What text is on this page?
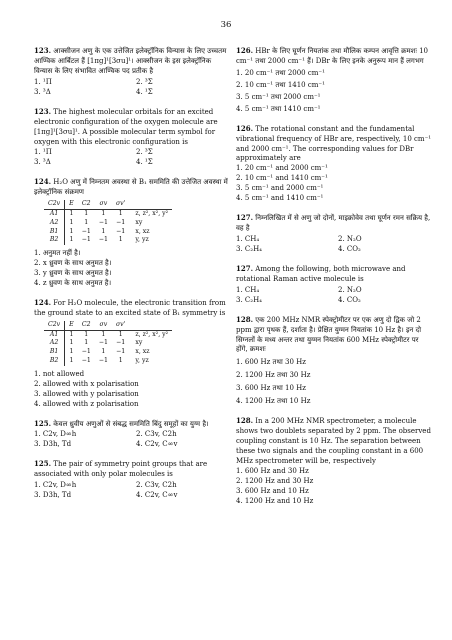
36
123. आक्सीजन अणु के एक उत्तेजित इलेक्ट्रॉनिक विन्यास के लिए उच्चतम आण्विक आर्बिटल हैं [1πg]¹[3σu]¹। आक्सीजन के इस इलेक्ट्रॉनिक विन्यास के लिए संभावित आण्विक पद प्रतीक है
1. ¹Π	2. ³Σ
3. ³Δ	4. ¹Σ
123. The highest molecular orbitals for an excited electronic configuration of the oxygen molecule are [1πg]¹[3σu]¹. A possible molecular term symbol for oxygen with this electronic configuration is
1. ¹Π	2. ³Σ
3. ³Δ	4. ¹Σ
124. H₂O अणु में निम्नतम अवस्था से B₁ सममिति की उत्तेजित अवस्था में इलेक्ट्रॉनिक संक्रमण
C2v	E	C2	σv	σv'	
A1	1	1	1	1	z, z², x², y²
A2	1	1	−1	−1	xy
B1	1	−1	1	−1	x, xz
B2	1	−1	−1	1	y, yz
1. अनुमत नहीं है।
2. x ध्रुवण के साथ अनुमत है।
3. y ध्रुवण के साथ अनुमत है।
4. z ध्रुवण के साथ अनुमत है।
124. For H₂O molecule, the electronic transition from the ground state to an excited state of B₁ symmetry is
C2v	E	C2	σv	σv'	
A1	1	1	1	1	z, z², x², y²
A2	1	1	−1	−1	xy
B1	1	−1	1	−1	x, xz
B2	1	−1	−1	1	y, yz
1. not allowed
2. allowed with x polarisation
3. allowed with y polarisation
4. allowed with z polarisation
125. केवल ध्रुवीय अणुओं से संबद्ध सममिति बिंदु समूहों का युग्म है।
1. C2v, D∞h	2. C3v, C2h
3. D3h, Td	4. C2v, C∞v
125. The pair of symmetry point groups that are associated with only polar molecules is
1. C2v, D∞h	2. C3v, C2h
3. D3h, Td	4. C2v, C∞v
126. HBr के लिए घूर्णन नियतांक तथा मौलिक कम्पन आवृत्ति क्रमशः 10 cm⁻¹ तथा 2000 cm⁻¹ हैं। DBr के लिए इनके अनुरूप मान हैं लगभग
1. 20 cm⁻¹ तथा 2000 cm⁻¹
2. 10 cm⁻¹ तथा 1410 cm⁻¹
3. 5 cm⁻¹ तथा 2000 cm⁻¹
4. 5 cm⁻¹ तथा 1410 cm⁻¹
126. The rotational constant and the fundamental vibrational frequency of HBr are, respectively, 10 cm⁻¹ and 2000 cm⁻¹. The corresponding values for DBr approximately are
1. 20 cm⁻¹ and 2000 cm⁻¹
2. 10 cm⁻¹ and 1410 cm⁻¹
3. 5 cm⁻¹ and 2000 cm⁻¹
4. 5 cm⁻¹ and 1410 cm⁻¹
127. निम्नलिखित में से अणु जो दोनों, माइक्रोवेव तथा घूर्णन रमन सक्रिय है, वह है
1. CH₄	2. N₂O
3. C₂H₄	4. CO₂
127. Among the following, both microwave and rotational Raman active molecule is
1. CH₄	2. N₂O
3. C₂H₄	4. CO₂
128. एक 200 MHz NMR स्पेक्ट्रोमीटर पर एक अणु दो द्विक जो 2 ppm द्वारा पृथक हैं, दर्शाता है। प्रेक्षित युग्मन नियतांक 10 Hz है। इन दो सिग्नलों के मध्य अन्तर तथा युग्मन नियतांक 600 MHz स्पेक्ट्रोमीटर पर होंगे, क्रमशः
1. 600 Hz तथा 30 Hz
2. 1200 Hz तथा 30 Hz
3. 600 Hz तथा 10 Hz
4. 1200 Hz तथा 10 Hz
128. In a 200 MHz NMR spectrometer, a molecule shows two doublets separated by 2 ppm. The observed coupling constant is 10 Hz. The separation between these two signals and the coupling constant in a 600 MHz spectrometer will be, respectively
1. 600 Hz and 30 Hz
2. 1200 Hz and 30 Hz
3. 600 Hz and 10 Hz
4. 1200 Hz and 10 Hz
